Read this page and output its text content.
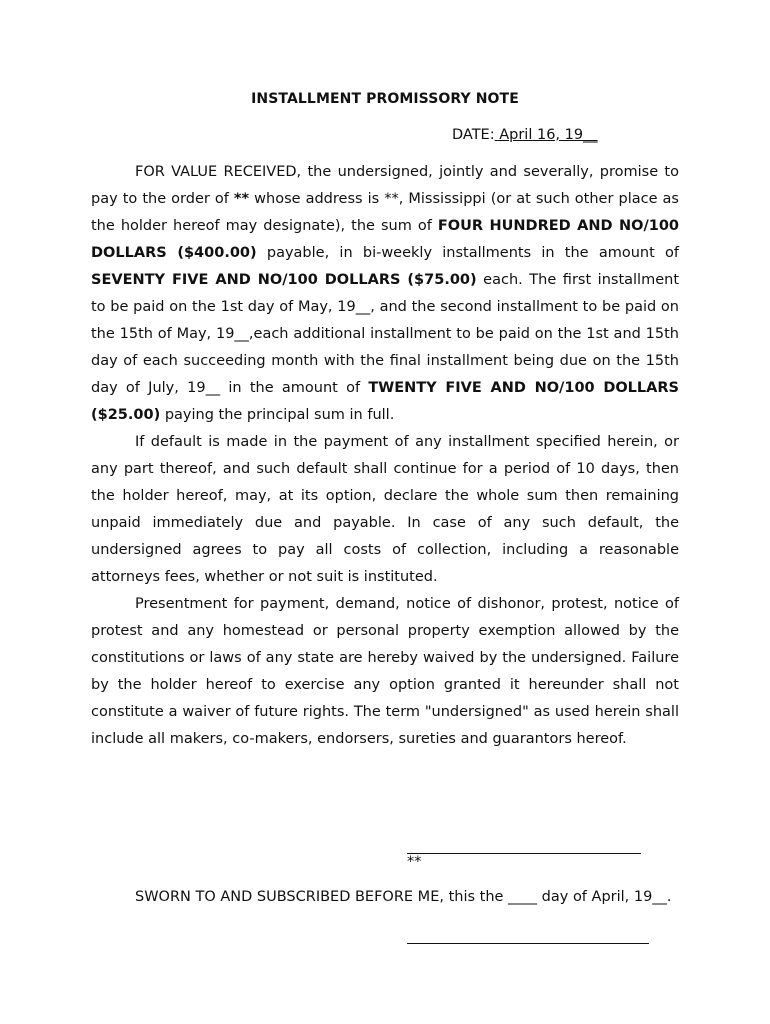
INSTALLMENT PROMISSORY NOTE
DATE: April 16, 19__

FOR VALUE RECEIVED, the undersigned, jointly and severally, promise to pay to the order of ** whose address is **, Mississippi (or at such other place as the holder hereof may designate), the sum of FOUR HUNDRED AND NO/100 DOLLARS ($400.00) payable, in bi-weekly installments in the amount of SEVENTY FIVE AND NO/100 DOLLARS ($75.00) each. The first installment to be paid on the 1st day of May, 19__, and the second installment to be paid on the 15th of May, 19__,each additional installment to be paid on the 1st and 15th day of each succeeding month with the final installment being due on the 15th day of July, 19__ in the amount of TWENTY FIVE AND NO/100 DOLLARS ($25.00) paying the principal sum in full.

If default is made in the payment of any installment specified herein, or any part thereof, and such default shall continue for a period of 10 days, then the holder hereof, may, at its option, declare the whole sum then remaining unpaid immediately due and payable. In case of any such default, the undersigned agrees to pay all costs of collection, including a reasonable attorneys fees, whether or not suit is instituted.

Presentment for payment, demand, notice of dishonor, protest, notice of protest and any homestead or personal property exemption allowed by the constitutions or laws of any state are hereby waived by the undersigned. Failure by the holder hereof to exercise any option granted it hereunder shall not constitute a waiver of future rights. The term "undersigned" as used herein shall include all makers, co-makers, endorsers, sureties and guarantors hereof.

**

SWORN TO AND SUBSCRIBED BEFORE ME, this the ____ day of April, 19__.
